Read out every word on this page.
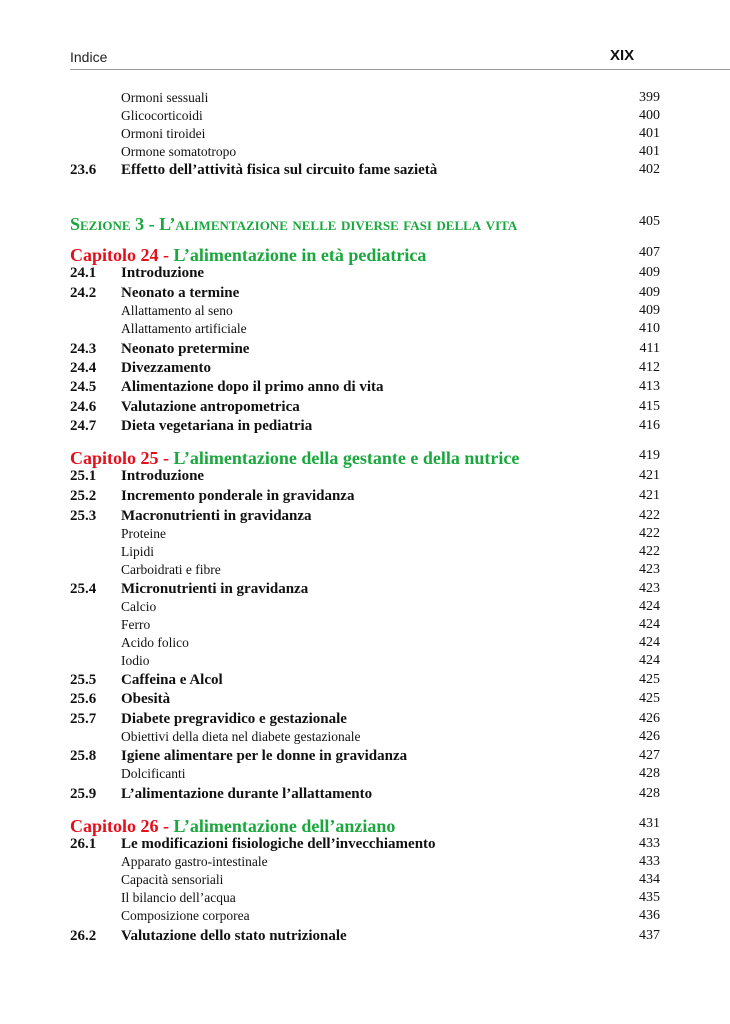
Indice	XIX
Ormoni sessuali	399
Glicocorticoidi	400
Ormoni tiroidei	401
Ormone somatotropo	401
23.6 Effetto dell’attività fisica sul circuito fame sazietà	402
Sezione 3 - L’alimentazione nelle diverse fasi della vita	405
Capitolo 24 - L’alimentazione in età pediatrica	407
24.1 Introduzione	409
24.2 Neonato a termine	409
Allattamento al seno	409
Allattamento artificiale	410
24.3 Neonato pretermine	411
24.4 Divezzamento	412
24.5 Alimentazione dopo il primo anno di vita	413
24.6 Valutazione antropometrica	415
24.7 Dieta vegetariana in pediatria	416
Capitolo 25 - L’alimentazione della gestante e della nutrice	419
25.1 Introduzione	421
25.2 Incremento ponderale in gravidanza	421
25.3 Macronutrienti in gravidanza	422
Proteine	422
Lipidi	422
Carboidrati e fibre	423
25.4 Micronutrienti in gravidanza	423
Calcio	424
Ferro	424
Acido folico	424
Iodio	424
25.5 Caffeina e Alcol	425
25.6 Obesità	425
25.7 Diabete pregravidico e gestazionale	426
Obiettivi della dieta nel diabete gestazionale	426
25.8 Igiene alimentare per le donne in gravidanza	427
Dolcificanti	428
25.9 L’alimentazione durante l’allattamento	428
Capitolo 26 - L’alimentazione dell’anziano	431
26.1 Le modificazioni fisiologiche dell’invecchiamento	433
Apparato gastro-intestinale	433
Capacità sensoriali	434
Il bilancio dell’acqua	435
Composizione corporea	436
26.2 Valutazione dello stato nutrizionale	437
